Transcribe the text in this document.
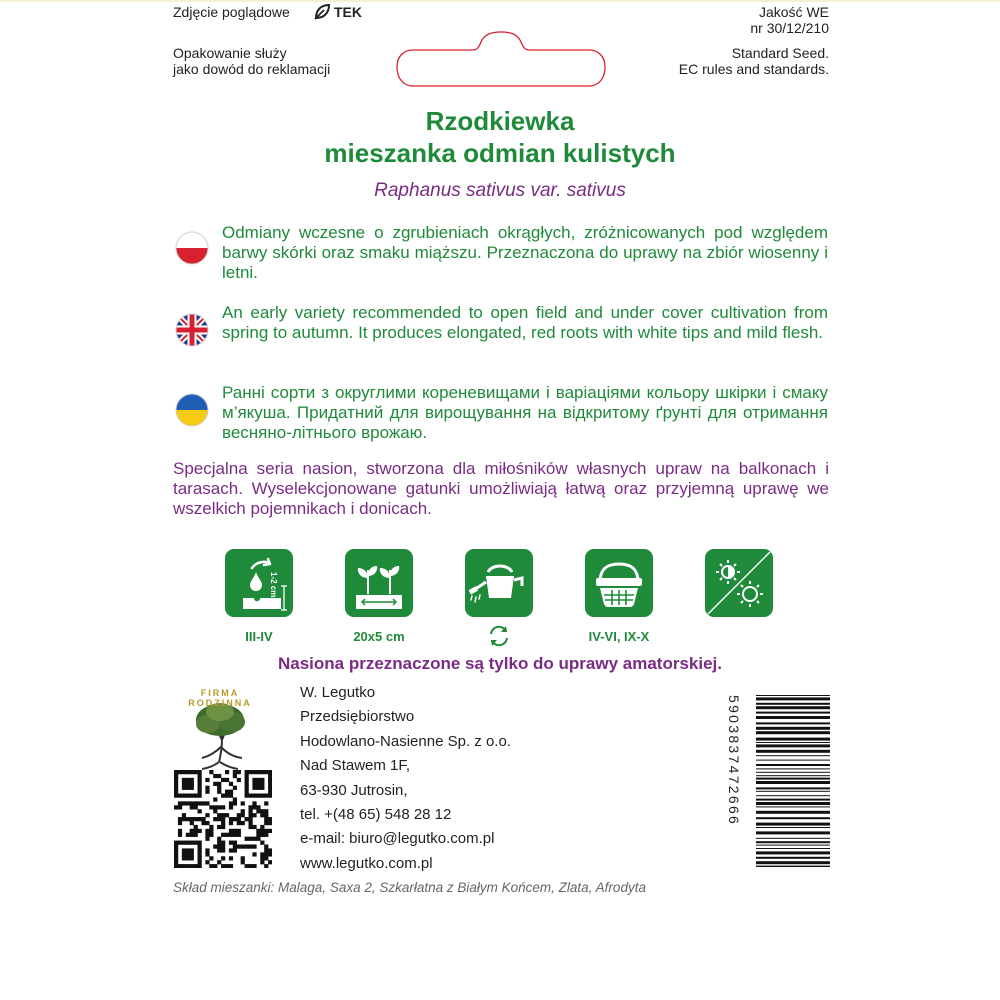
Zdjęcie poglądowe	TEK	Jakość WE
nr 30/12/210
Opakowanie służy
jako dowód do reklamacji
Standard Seed.
EC rules and standards.
Rzodkiewka
mieszanka odmian kulistych
Raphanus sativus var. sativus
Odmiany wczesne o zgrubieniach okrągłych, zróżnicowanych pod względem barwy skórki oraz smaku miąższu. Przeznaczona do uprawy na zbiór wiosenny i letni.
An early variety recommended to open field and under cover cultivation from spring to autumn. It produces elongated, red roots with white tips and mild flesh.
Ранні сорти з округлими кореневищами і варіаціями кольору шкірки і смаку м’якуша. Придатний для вирощування на відкритому ґрунті для отримання весняно-літнього врожаю.
Specjalna seria nasion, stworzona dla miłośników własnych upraw na balkonach i tarasach. Wyselekcjonowane gatunki umożliwiają łatwą oraz przyjemną uprawę we wszelkich pojemnikach i donicach.
1-2 cm
III-IV	20x5 cm	IV-VI, IX-X
Nasiona przeznaczone są tylko do uprawy amatorskiej.
FIRMA RODZINNA
W. Legutko
Przedsiębiorstwo
Hodowlano-Nasienne Sp. z o.o.
Nad Stawem 1F,
63-930 Jutrosin,
tel. +(48 65) 548 28 12
e-mail: biuro@legutko.com.pl
www.legutko.com.pl
5903837472666
Skład mieszanki: Malaga, Saxa 2, Szkarłatna z Białym Końcem, Zlata, Afrodyta
